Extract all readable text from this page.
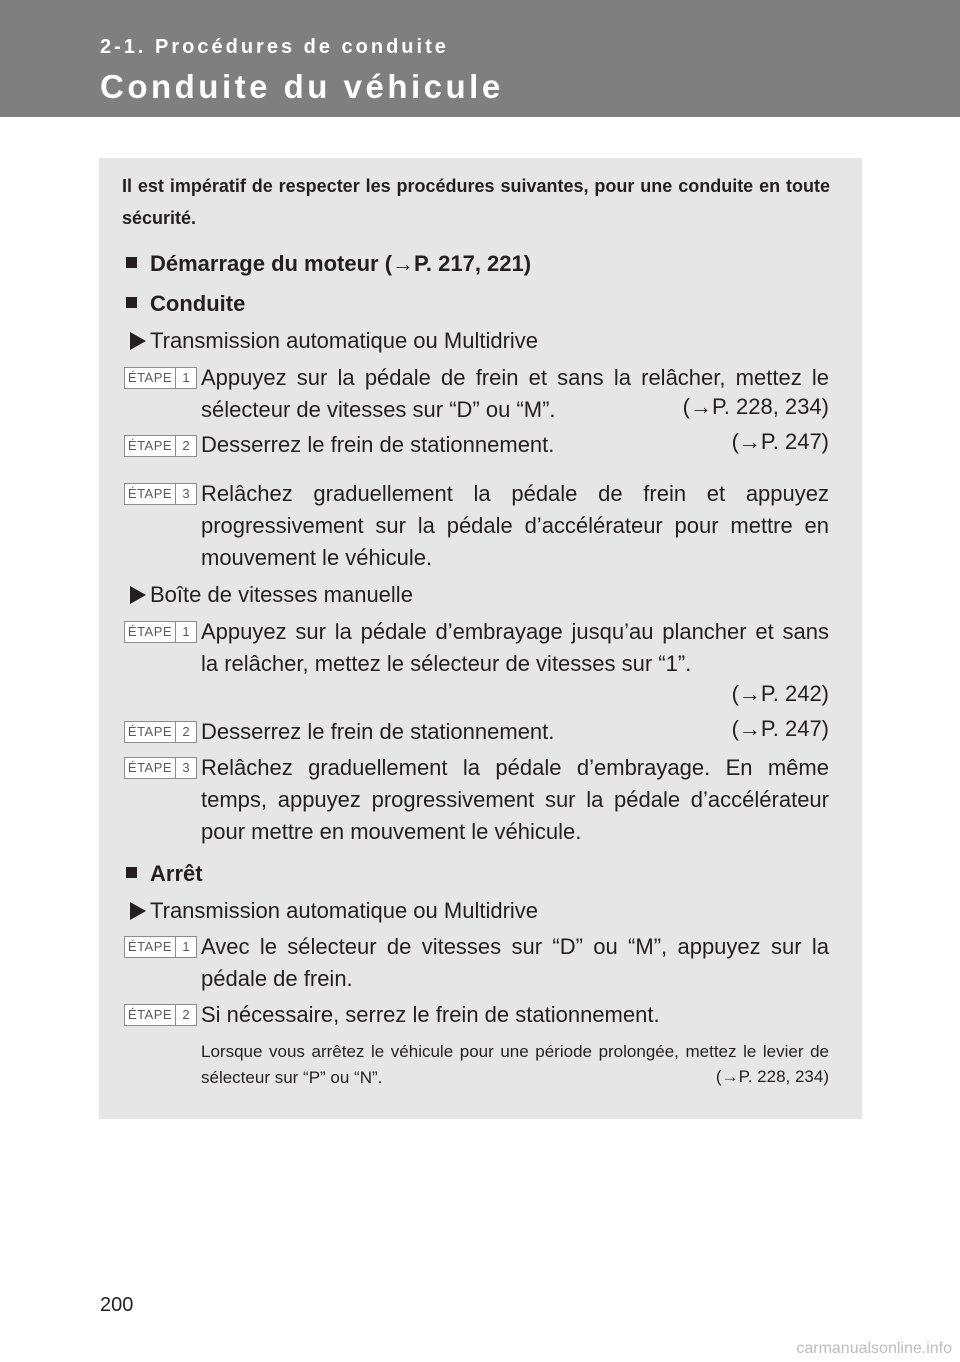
2-1. Procédures de conduite
Conduite du véhicule
Il est impératif de respecter les procédures suivantes, pour une conduite en toute sécurité.
Démarrage du moteur (→P. 217, 221)
Conduite
Transmission automatique ou Multidrive
ÉTAPE 1 Appuyez sur la pédale de frein et sans la relâcher, mettez le sélecteur de vitesses sur “D” ou “M”.	(→P. 228, 234)
ÉTAPE 2 Desserrez le frein de stationnement.	(→P. 247)
ÉTAPE 3 Relâchez graduellement la pédale de frein et appuyez progressivement sur la pédale d’accélérateur pour mettre en mouvement le véhicule.
Boîte de vitesses manuelle
ÉTAPE 1 Appuyez sur la pédale d’embrayage jusqu’au plancher et sans la relâcher, mettez le sélecteur de vitesses sur “1”.
(→P. 242)
ÉTAPE 2 Desserrez le frein de stationnement.	(→P. 247)
ÉTAPE 3 Relâchez graduellement la pédale d’embrayage. En même temps, appuyez progressivement sur la pédale d’accélérateur pour mettre en mouvement le véhicule.
Arrêt
Transmission automatique ou Multidrive
ÉTAPE 1 Avec le sélecteur de vitesses sur “D” ou “M”, appuyez sur la pédale de frein.
ÉTAPE 2 Si nécessaire, serrez le frein de stationnement.
Lorsque vous arrêtez le véhicule pour une période prolongée, mettez le levier de sélecteur sur “P” ou “N”.	(→P. 228, 234)
200
carmanualsonline.info
